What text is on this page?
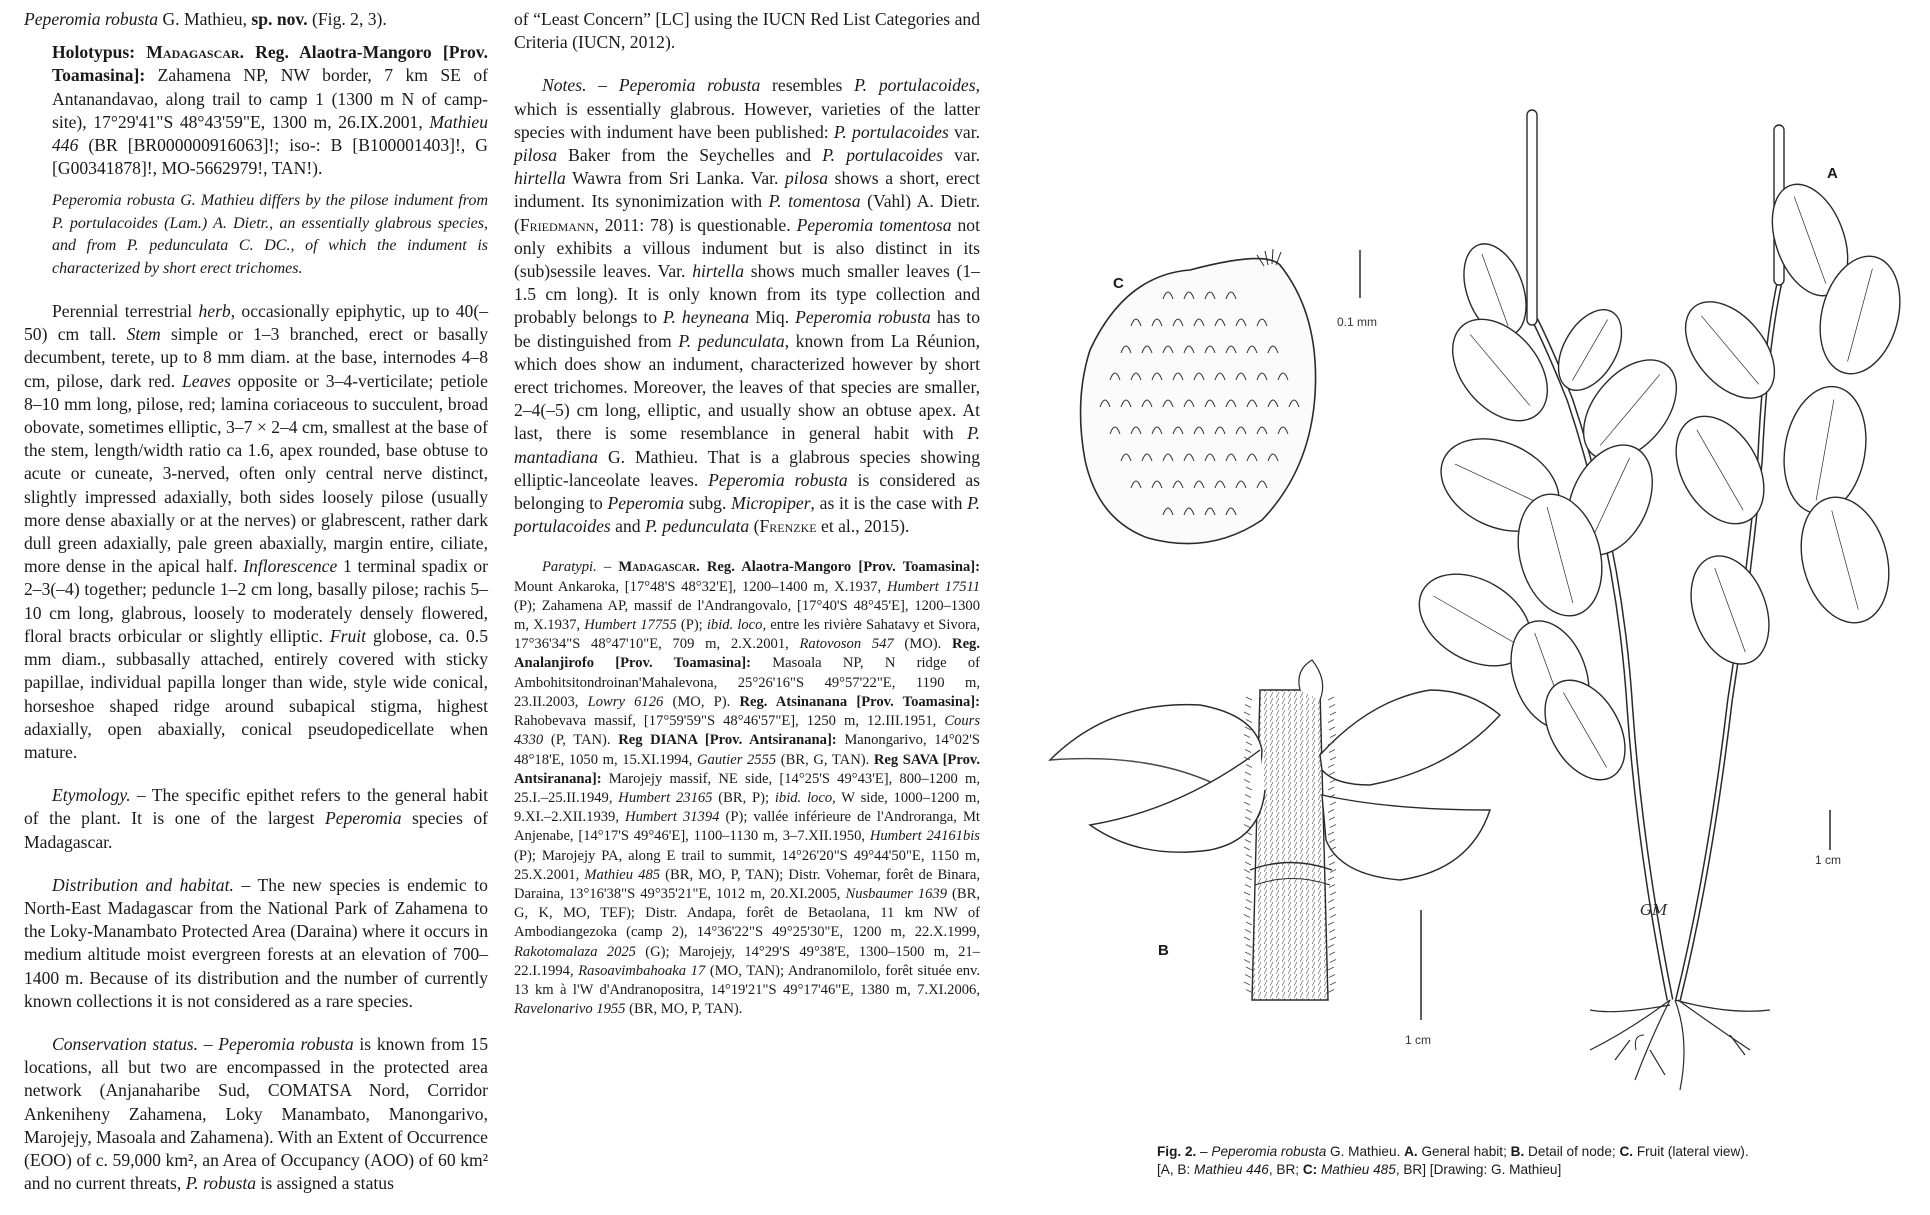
Peperomia robusta G. Mathieu, sp. nov. (Fig. 2, 3).

Holotypus: Madagascar. Reg. Alaotra-Mangoro [Prov. Toamasina]: Zahamena NP, NW border, 7 km SE of Antanandavao, along trail to camp 1 (1300 m N of camp-site), 17°29'41"S 48°43'59"E, 1300 m, 26.IX.2001, Mathieu 446 (BR [BR0000009160​63]!; iso-: B [B100001403]!, G [G00341878]!, MO-5662979!, TAN!).

Peperomia robusta G. Mathieu differs by the pilose indument from P. portulacoides (Lam.) A. Dietr., an essentially glabrous species, and from P. pedunculata C. DC., of which the indument is characterized by short erect trichomes.

Perennial terrestrial herb, occasionally epiphytic, up to 40(–50) cm tall. Stem simple or 1–3 branched, erect or basally decumbent, terete, up to 8 mm diam. at the base, internodes 4–8 cm, pilose, dark red. Leaves opposite or 3–4-verticilate; petiole 8–10 mm long, pilose, red; lamina coriaceous to succulent, broad obovate, sometimes elliptic, 3–7 × 2–4 cm, smallest at the base of the stem, length/width ratio ca 1.6, apex rounded, base obtuse to acute or cuneate, 3-nerved, often only central nerve distinct, slightly impressed adaxially, both sides loosely pilose (usually more dense abaxially or at the nerves) or glabrescent, rather dark dull green adaxially, pale green abaxially, margin entire, ciliate, more dense in the apical half. Inflorescence 1 terminal spadix or 2–3(–4) together; peduncle 1–2 cm long, basally pilose; rachis 5–10 cm long, glabrous, loosely to moderately densely flowered, floral bracts orbicular or slightly elliptic. Fruit globose, ca. 0.5 mm diam., subbasally attached, entirely covered with sticky papillae, individual papilla longer than wide, style wide conical, horseshoe shaped ridge around subapical stigma, highest adaxially, open abaxially, conical pseudopedicellate when mature.

Etymology. – The specific epithet refers to the general habit of the plant. It is one of the largest Peperomia species of Madagascar.

Distribution and habitat. – The new species is endemic to North-East Madagascar from the National Park of Zahamena to the Loky-Manambato Protected Area (Daraina) where it occurs in medium altitude moist evergreen forests at an elevation of 700–1400 m. Because of its distribution and the number of currently known collections it is not considered as a rare species.

Conservation status. – Peperomia robusta is known from 15 locations, all but two are encompassed in the protected area network (Anjanaharibe Sud, COMATSA Nord, Corridor Ankeniheny Zahamena, Loky Manambato, Manongarivo, Marojejy, Masoala and Zahamena). With an Extent of Occurrence (EOO) of c. 59,000 km², an Area of Occupancy (AOO) of 60 km² and no current threats, P. robusta is assigned a status

of “Least Concern” [LC] using the IUCN Red List Categories and Criteria (IUCN, 2012).

Notes. – Peperomia robusta resembles P. portulacoides, which is essentially glabrous. However, varieties of the latter species with indument have been published: P. portulacoides var. pilosa Baker from the Seychelles and P. portulacoides var. hirtella Wawra from Sri Lanka. Var. pilosa shows a short, erect indument. Its synonimization with P. tomentosa (Vahl) A. Dietr. (Friedmann, 2011: 78) is questionable. Peperomia tomentosa not only exhibits a villous indument but is also distinct in its (sub)sessile leaves. Var. hirtella shows much smaller leaves (1–1.5 cm long). It is only known from its type collection and probably belongs to P. heyneana Miq. Peperomia robusta has to be distinguished from P. pedunculata, known from La Réunion, which does show an indument, characterized however by short erect trichomes. Moreover, the leaves of that species are smaller, 2–4(–5) cm long, elliptic, and usually show an obtuse apex. At last, there is some resemblance in general habit with P. mantadiana G. Mathieu. That is a glabrous species showing elliptic-lanceolate leaves. Peperomia robusta is considered as belonging to Peperomia subg. Micropiper, as it is the case with P. portulacoides and P. pedunculata (Frenzke et al., 2015).

Paratypi. – Madagascar. Reg. Alaotra-Mangoro [Prov. Toamasina]: Mount Ankaroka, [17°48'S 48°32'E], 1200–1400 m, X.1937, Humbert 17511 (P); Zahamena AP, massif de l'Andrangovalo, [17°40'S 48°45'E], 1200–1300 m, X.1937, Humbert 17755 (P); ibid. loco, entre les rivière Sahatavy et Sivora, 17°36'34"S 48°47'10"E, 709 m, 2.X.2001, Ratovoson 547 (MO). Reg. Analanjirofo [Prov. Toamasina]: Masoala NP, N ridge of Ambohitsitondroinan'Mahalevona, 25°26'16"S 49°57'22"E, 1190 m, 23.II.2003, Lowry 6126 (MO, P). Reg. Atsinanana [Prov. Toamasina]: Rahobevava massif, [17°59'59"S 48°46'57"E], 1250 m, 12.III.1951, Cours 4330 (P, TAN). Reg DIANA [Prov. Antsiranana]: Manongarivo, 14°02'S 48°18'E, 1050 m, 15.XI.1994, Gautier 2555 (BR, G, TAN). Reg SAVA [Prov. Antsiranana]: Marojejy massif, NE side, [14°25'S 49°43'E], 800–1200 m, 25.I.–25.II.1949, Humbert 23165 (BR, P); ibid. loco, W side, 1000–1200 m, 9.XI.–2.XII.1939, Humbert 31394 (P); vallée inférieure de l'Androranga, Mt Anjenabe, [14°17'S 49°46'E], 1100–1130 m, 3–7.XII.1950, Humbert 24161bis (P); Marojejy PA, along E trail to summit, 14°26'20"S 49°44'50"E, 1150 m, 25.X.2001, Mathieu 485 (BR, MO, P, TAN); Distr. Vohemar, forêt de Binara, Daraina, 13°16'38"S 49°35'21"E, 1012 m, 20.XI.2005, Nusbaumer 1639 (BR, G, K, MO, TEF); Distr. Andapa, forêt de Betaolana, 11 km NW of Ambodiangezoka (camp 2), 14°36'22"S 49°25'30"E, 1200 m, 22.X.1999, Rakotomalaza 2025 (G); Marojejy, 14°29'S 49°38'E, 1300–1500 m, 21–22.I.1994, Rasoavimbahoaka 17 (MO, TAN); Andranomilolo, forêt située env. 13 km à l'W d'Andranopositra, 14°19'21"S 49°17'46"E, 1380 m, 7.XI.2006, Ravelonarivo 1955 (BR, MO, P, TAN).

C
0.1 mm
B
1 cm
A
1 cm
GM
Fig. 2. – Peperomia robusta G. Mathieu. A. General habit; B. Detail of node; C. Fruit (lateral view).
[A, B: Mathieu 446, BR; C: Mathieu 485, BR] [Drawing: G. Mathieu]
